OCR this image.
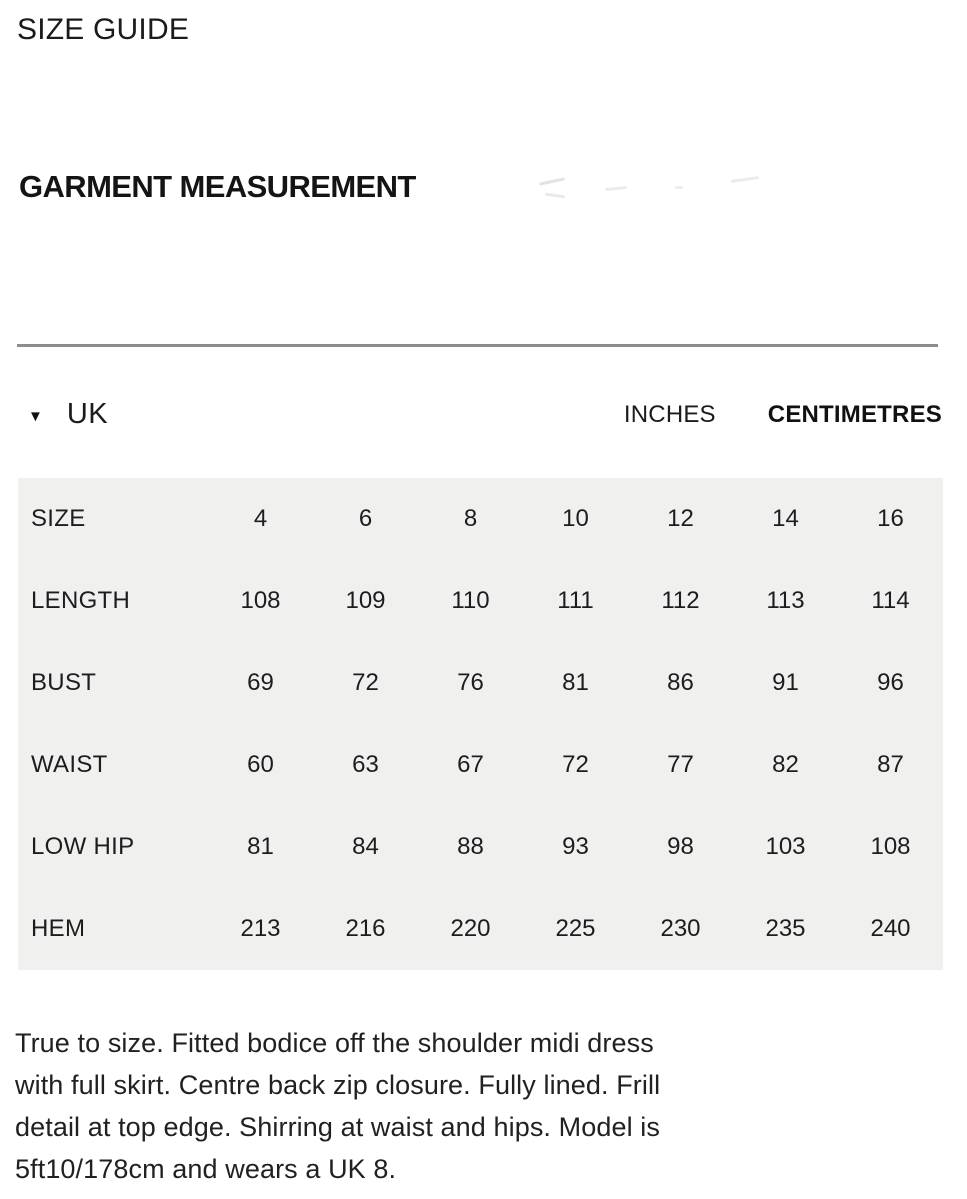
SIZE GUIDE
GARMENT MEASUREMENT
▼ UK	INCHES CENTIMETRES
SIZE	4	6	8	10	12	14	16
LENGTH	108	109	110	111	112	113	114
BUST	69	72	76	81	86	91	96
WAIST	60	63	67	72	77	82	87
LOW HIP	81	84	88	93	98	103	108
HEM	213	216	220	225	230	235	240

True to size. Fitted bodice off the shoulder midi dress
with full skirt. Centre back zip closure. Fully lined. Frill
detail at top edge. Shirring at waist and hips. Model is
5ft10/178cm and wears a UK 8.
